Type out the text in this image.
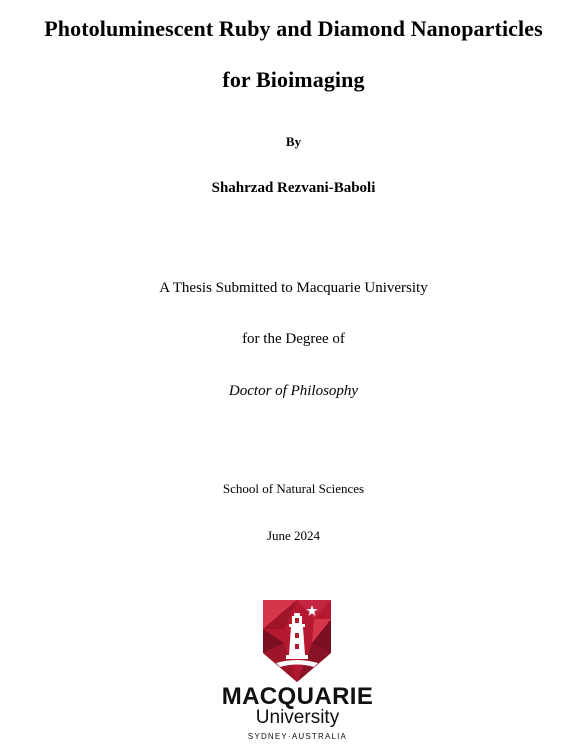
Photoluminescent Ruby and Diamond Nanoparticles
for Bioimaging
By
Shahrzad Rezvani-Baboli
A Thesis Submitted to Macquarie University
for the Degree of
Doctor of Philosophy
School of Natural Sciences
June 2024
MACQUARIE
University
SYDNEY·AUSTRALIA
